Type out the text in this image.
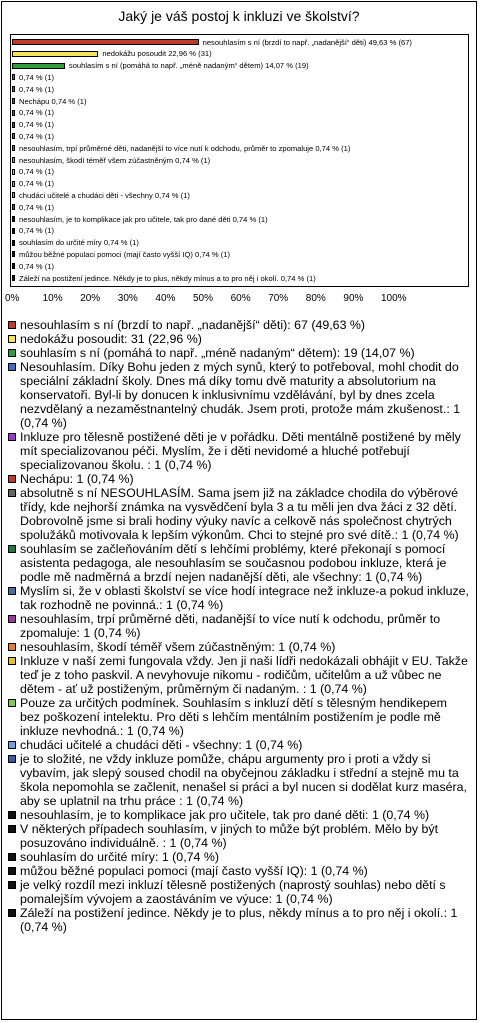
Jaký je váš postoj k inkluzi ve školství?
nesouhlasím s ní (brzdí to např. „nadanější“ děti) 49,63 % (67)
nedokážu posoudit 22,96 % (31)
souhlasím s ní (pomáhá to např. „méně nadaným“ dětem) 14,07 % (19)
0,74 % (1)
0,74 % (1)
Nechápu 0,74 % (1)
0,74 % (1)
0,74 % (1)
0,74 % (1)
nesouhlasím, trpí průměrné děti, nadanější to více nutí k odchodu, průměr to zpomaluje 0,74 % (1)
nesouhlasím, škodí téměř všem zúčastněným 0,74 % (1)
0,74 % (1)
0,74 % (1)
chudáci učitelé a chudáci děti - všechny 0,74 % (1)
0,74 % (1)
nesouhlasím, je to komplikace jak pro učitele, tak pro dané děti 0,74 % (1)
0,74 % (1)
souhlasím do určité míry 0,74 % (1)
můžou běžné populaci pomoci (mají často vyšší IQ) 0,74 % (1)
0,74 % (1)
Záleží na postižení jedince. Někdy je to plus, někdy mínus a to pro něj i okolí. 0,74 % (1)
0% 10% 20% 30% 40% 50% 60% 70% 80% 90% 100%
nesouhlasím s ní (brzdí to např. „nadanější“ děti): 67 (49,63 %)
nedokážu posoudit: 31 (22,96 %)
souhlasím s ní (pomáhá to např. „méně nadaným“ dětem): 19 (14,07 %)
Nesouhlasím. Díky Bohu jeden z mých synů, který to potřeboval, mohl chodit do speciální základní školy. Dnes má díky tomu dvě maturity a absolutorium na konservatoři. Byl-li by donucen k inklusivnímu vzdělávání, byl by dnes zcela nezvdělaný a nezaměstnantelný chudák. Jsem proti, protože mám zkušenost.: 1 (0,74 %)
Inkluze pro tělesně postižené děti je v pořádku. Děti mentálně postižené by měly mít specializovanou péči. Myslím, že i děti nevidomé a hluché potřebují specializovanou školu. : 1 (0,74 %)
Nechápu: 1 (0,74 %)
absolutně s ní NESOUHLASÍM. Sama jsem již na základce chodila do výběrové třídy, kde nejhorší známka na vysvědčení byla 3 a tu měli jen dva žáci z 32 dětí. Dobrovolně jsme si brali hodiny výuky navíc a celkově nás společnost chytrých spolužáků motivovala k lepším výkonům. Chci to stejné pro své dítě.: 1 (0,74 %)
souhlasím se začleňováním dětí s lehčími problémy, které překonají s pomocí asistenta pedagoga, ale nesouhlasím se současnou podobou inkluze, která je podle mě nadměrná a brzdí nejen nadanější děti, ale všechny: 1 (0,74 %)
Myslím si, že v oblasti školství se více hodí integrace než inkluze-a pokud inkluze, tak rozhodně ne povinná.: 1 (0,74 %)
nesouhlasím, trpí průměrné děti, nadanější to více nutí k odchodu, průměr to zpomaluje: 1 (0,74 %)
nesouhlasím, škodí téměř všem zúčastněným: 1 (0,74 %)
Inkluze v naší zemi fungovala vždy. Jen ji naši lídři nedokázali obhájit v EU. Takže teď je z toho paskvil. A nevyhovuje nikomu - rodičům, učitelům a už vůbec ne dětem - ať už postiženým, průměrným či nadaným. : 1 (0,74 %)
Pouze za určitých podmínek. Souhlasím s inkluzí dětí s tělesným hendikepem bez poškození intelektu. Pro děti s lehčím mentálním postižením je podle mě inkluze nevhodná.: 1 (0,74 %)
chudáci učitelé a chudáci děti - všechny: 1 (0,74 %)
je to složité, ne vždy inkluze pomůže, chápu argumenty pro i proti a vždy si vybavím, jak slepý soused chodil na obyčejnou základku i střední a stejně mu ta škola nepomohla se začlenit, nenašel si práci a byl nucen si dodělat kurz maséra, aby se uplatnil na trhu práce : 1 (0,74 %)
nesouhlasím, je to komplikace jak pro učitele, tak pro dané děti: 1 (0,74 %)
V některých případech souhlasím, v jiných to může být problém. Mělo by být posuzováno individuálně. : 1 (0,74 %)
souhlasím do určité míry: 1 (0,74 %)
můžou běžné populaci pomoci (mají často vyšší IQ): 1 (0,74 %)
je velký rozdíl mezi inkluzí tělesně postižených (naprostý souhlas) nebo dětí s pomalejším vývojem a zaostáváním ve výuce: 1 (0,74 %)
Záleží na postižení jedince. Někdy je to plus, někdy mínus a to pro něj i okolí.: 1 (0,74 %)
